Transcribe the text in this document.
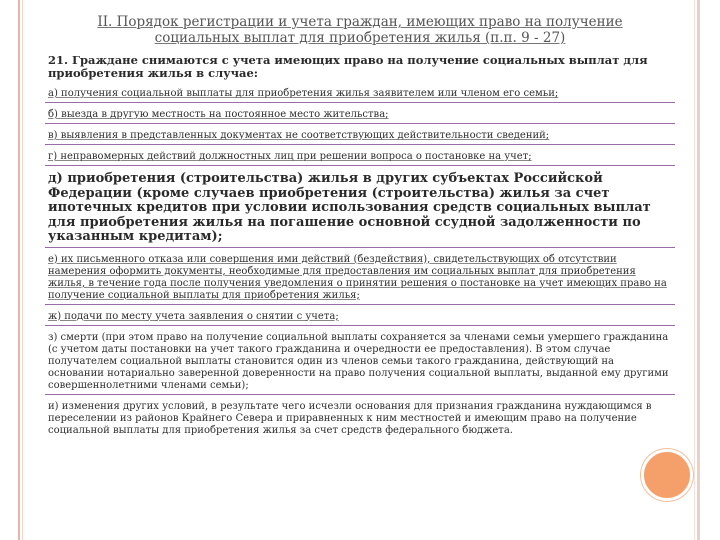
II. Порядок регистрации и учета граждан, имеющих право на получение социальных выплат для приобретения жилья (п.п. 9 - 27)
21. Граждане снимаются с учета имеющих право на получение социальных выплат для приобретения жилья в случае:
а) получения социальной выплаты для приобретения жилья заявителем или членом его семьи;
б) выезда в другую местность на постоянное место жительства;
в) выявления в представленных документах не соответствующих действительности сведений;
г) неправомерных действий должностных лиц при решении вопроса о постановке на учет;
д) приобретения (строительства) жилья в других субъектах Российской Федерации (кроме случаев приобретения (строительства) жилья за счет ипотечных кредитов при условии использования средств социальных выплат для приобретения жилья на погашение основной ссудной задолженности по указанным кредитам);
е) их письменного отказа или совершения ими действий (бездействия), свидетельствующих об отсутствии намерения оформить документы, необходимые для предоставления им социальных выплат для приобретения жилья, в течение года после получения уведомления о принятии решения о постановке на учет имеющих право на получение социальной выплаты для приобретения жилья;
ж) подачи по месту учета заявления о снятии с учета;
з) смерти (при этом право на получение социальной выплаты сохраняется за членами семьи умершего гражданина (с учетом даты постановки на учет такого гражданина и очередности ее предоставления). В этом случае получателем социальной выплаты становится один из членов семьи такого гражданина, действующий на основании нотариально заверенной доверенности на право получения социальной выплаты, выданной ему другими совершеннолетними членами семьи);
и) изменения других условий, в результате чего исчезли основания для признания гражданина нуждающимся в переселении из районов Крайнего Севера и приравненных к ним местностей и имеющим право на получение социальной выплаты для приобретения жилья за счет средств федерального бюджета.
